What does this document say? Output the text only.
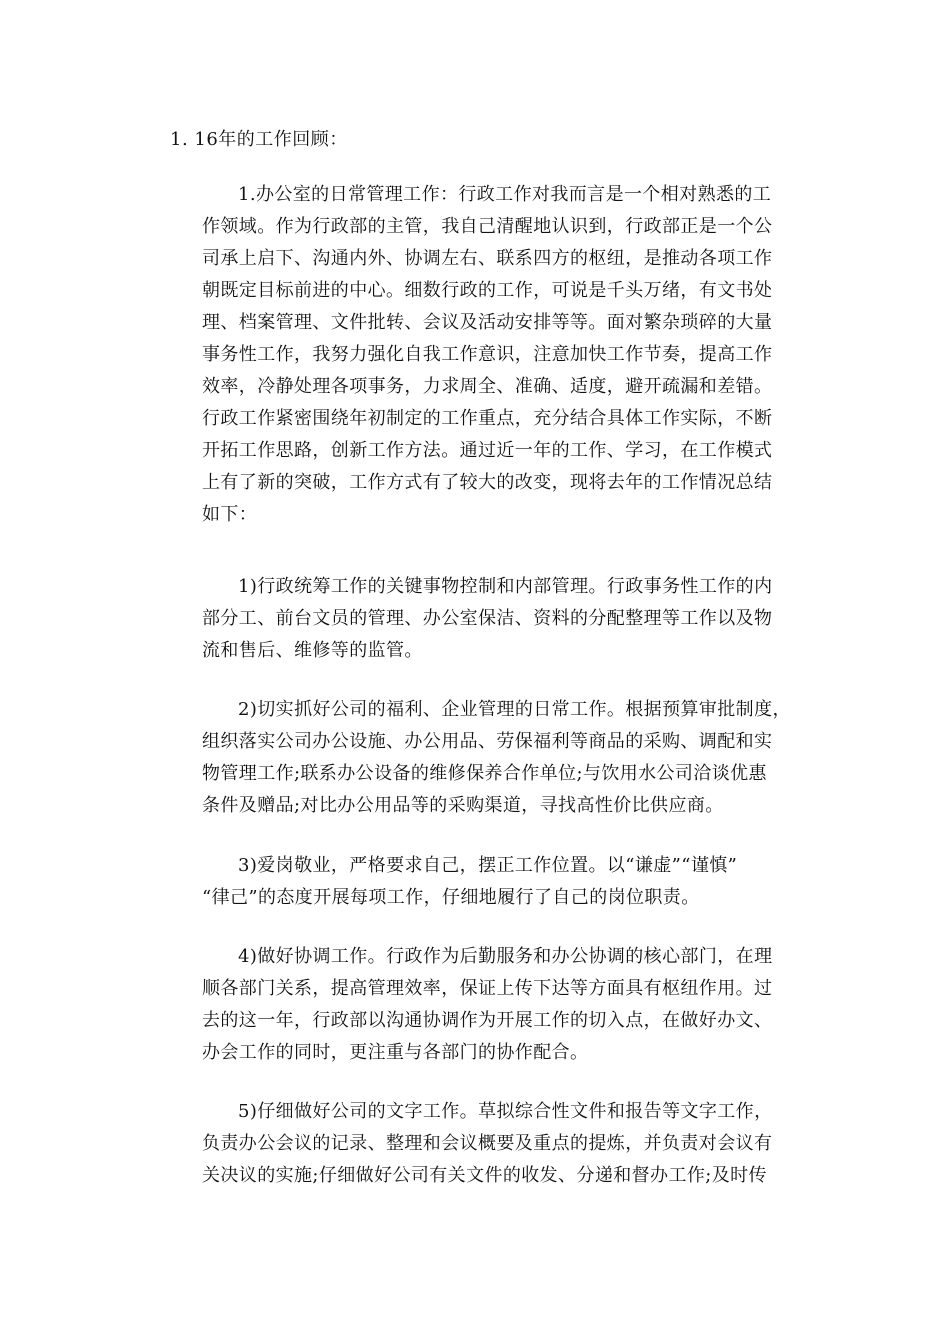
1. 16年的工作回顾：
1.办公室的日常管理工作：行政工作对我而言是一个相对熟悉的工
作领域。作为行政部的主管，我自己清醒地认识到，行政部正是一个公
司承上启下、沟通内外、协调左右、联系四方的枢纽，是推动各项工作
朝既定目标前进的中心。细数行政的工作，可说是千头万绪，有文书处
理、档案管理、文件批转、会议及活动安排等等。面对繁杂琐碎的大量
事务性工作，我努力强化自我工作意识，注意加快工作节奏，提高工作
效率，冷静处理各项事务，力求周全、准确、适度，避开疏漏和差错。
行政工作紧密围绕年初制定的工作重点，充分结合具体工作实际，不断
开拓工作思路，创新工作方法。通过近一年的工作、学习，在工作模式
上有了新的突破，工作方式有了较大的改变，现将去年的工作情况总结
如下：
1)行政统筹工作的关键事物控制和内部管理。行政事务性工作的内
部分工、前台文员的管理、办公室保洁、资料的分配整理等工作以及物
流和售后、维修等的监管。
2)切实抓好公司的福利、企业管理的日常工作。根据预算审批制度，
组织落实公司办公设施、办公用品、劳保福利等商品的采购、调配和实
物管理工作;联系办公设备的维修保养合作单位;与饮用水公司洽谈优惠
条件及赠品;对比办公用品等的采购渠道，寻找高性价比供应商。
3)爱岗敬业，严格要求自己，摆正工作位置。以“谦虚”“谨慎”
“律己”的态度开展每项工作，仔细地履行了自己的岗位职责。
4)做好协调工作。行政作为后勤服务和办公协调的核心部门，在理
顺各部门关系，提高管理效率，保证上传下达等方面具有枢纽作用。过
去的这一年，行政部以沟通协调作为开展工作的切入点，在做好办文、
办会工作的同时，更注重与各部门的协作配合。
5)仔细做好公司的文字工作。草拟综合性文件和报告等文字工作，
负责办公会议的记录、整理和会议概要及重点的提炼，并负责对会议有
关决议的实施;仔细做好公司有关文件的收发、分递和督办工作;及时传
